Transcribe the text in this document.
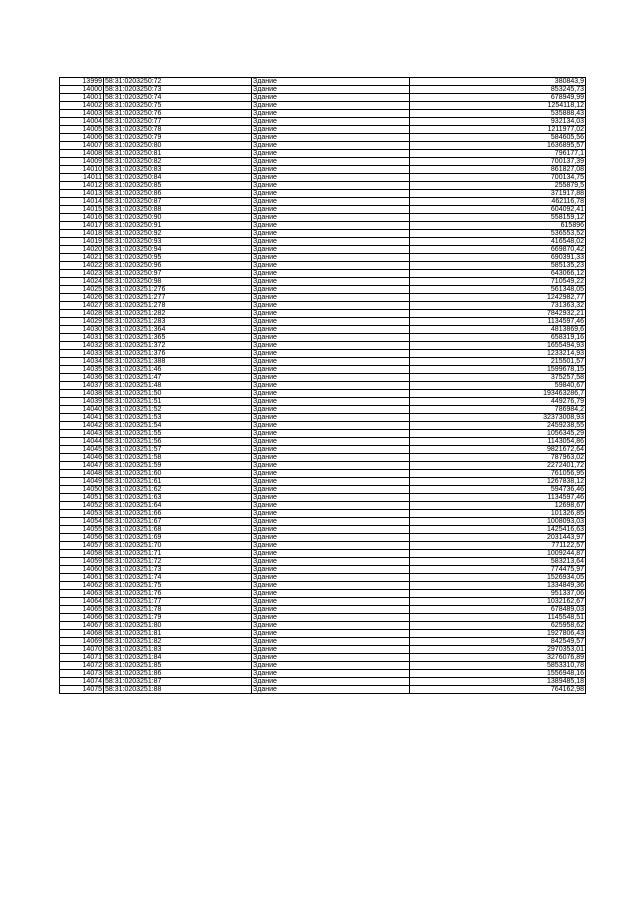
13999	58:31:0203250:72	Здание	380843,9
14000	58:31:0203250:73	Здание	853245,73
14001	58:31:0203250:74	Здание	678949,99
14002	58:31:0203250:75	Здание	1254118,12
14003	58:31:0203250:76	Здание	535888,43
14004	58:31:0203250:77	Здание	932134,03
14005	58:31:0203250:78	Здание	1211977,02
14006	58:31:0203250:79	Здание	584605,56
14007	58:31:0203250:80	Здание	1636895,57
14008	58:31:0203250:81	Здание	796177,1
14009	58:31:0203250:82	Здание	700137,39
14010	58:31:0203250:83	Здание	861827,08
14011	58:31:0203250:84	Здание	700134,75
14012	58:31:0203250:85	Здание	255879,5
14013	58:31:0203250:86	Здание	371917,88
14014	58:31:0203250:87	Здание	462116,78
14015	58:31:0203250:88	Здание	604092,41
14016	58:31:0203250:90	Здание	558159,12
14017	58:31:0203250:91	Здание	615896
14018	58:31:0203250:92	Здание	536553,52
14019	58:31:0203250:93	Здание	416548,02
14020	58:31:0203250:94	Здание	669870,42
14021	58:31:0203250:95	Здание	690391,33
14022	58:31:0203250:96	Здание	585135,23
14023	58:31:0203250:97	Здание	643066,12
14024	58:31:0203250:98	Здание	710549,22
14025	58:31:0203251:276	Здание	561348,05
14026	58:31:0203251:277	Здание	1242982,77
14027	58:31:0203251:278	Здание	731363,32
14028	58:31:0203251:282	Здание	7842932,21
14029	58:31:0203251:283	Здание	1134597,46
14030	58:31:0203251:364	Здание	4813869,6
14031	58:31:0203251:365	Здание	658319,16
14032	58:31:0203251:372	Здание	1655494,93
14033	58:31:0203251:376	Здание	1233214,93
14034	58:31:0203251:388	Здание	215501,57
14035	58:31:0203251:46	Здание	1599678,15
14036	58:31:0203251:47	Здание	375257,58
14037	58:31:0203251:48	Здание	59840,67
14038	58:31:0203251:50	Здание	193463286,7
14039	58:31:0203251:51	Здание	449276,79
14040	58:31:0203251:52	Здание	786984,2
14041	58:31:0203251:53	Здание	32373008,93
14042	58:31:0203251:54	Здание	2459238,55
14043	58:31:0203251:55	Здание	1056345,29
14044	58:31:0203251:56	Здание	1143054,86
14045	58:31:0203251:57	Здание	9821672,64
14046	58:31:0203251:58	Здание	787963,02
14047	58:31:0203251:59	Здание	2272401,72
14048	58:31:0203251:60	Здание	761056,95
14049	58:31:0203251:61	Здание	1267838,12
14050	58:31:0203251:62	Здание	594736,46
14051	58:31:0203251:63	Здание	1134597,46
14052	58:31:0203251:64	Здание	12698,67
14053	58:31:0203251:66	Здание	101326,85
14054	58:31:0203251:67	Здание	1008093,03
14055	58:31:0203251:68	Здание	1425416,63
14056	58:31:0203251:69	Здание	2031443,97
14057	58:31:0203251:70	Здание	771122,57
14058	58:31:0203251:71	Здание	1009244,87
14059	58:31:0203251:72	Здание	583213,64
14060	58:31:0203251:73	Здание	774475,97
14061	58:31:0203251:74	Здание	1526934,05
14062	58:31:0203251:75	Здание	1334849,36
14063	58:31:0203251:76	Здание	951337,06
14064	58:31:0203251:77	Здание	1032162,67
14065	58:31:0203251:78	Здание	678489,03
14066	58:31:0203251:79	Здание	1145548,51
14067	58:31:0203251:80	Здание	625958,62
14068	58:31:0203251:81	Здание	1927806,43
14069	58:31:0203251:82	Здание	842549,57
14070	58:31:0203251:83	Здание	2970353,01
14071	58:31:0203251:84	Здание	3276076,89
14072	58:31:0203251:85	Здание	5853310,78
14073	58:31:0203251:86	Здание	1556948,16
14074	58:31:0203251:87	Здание	1389485,18
14075	58:31:0203251:88	Здание	764162,98
